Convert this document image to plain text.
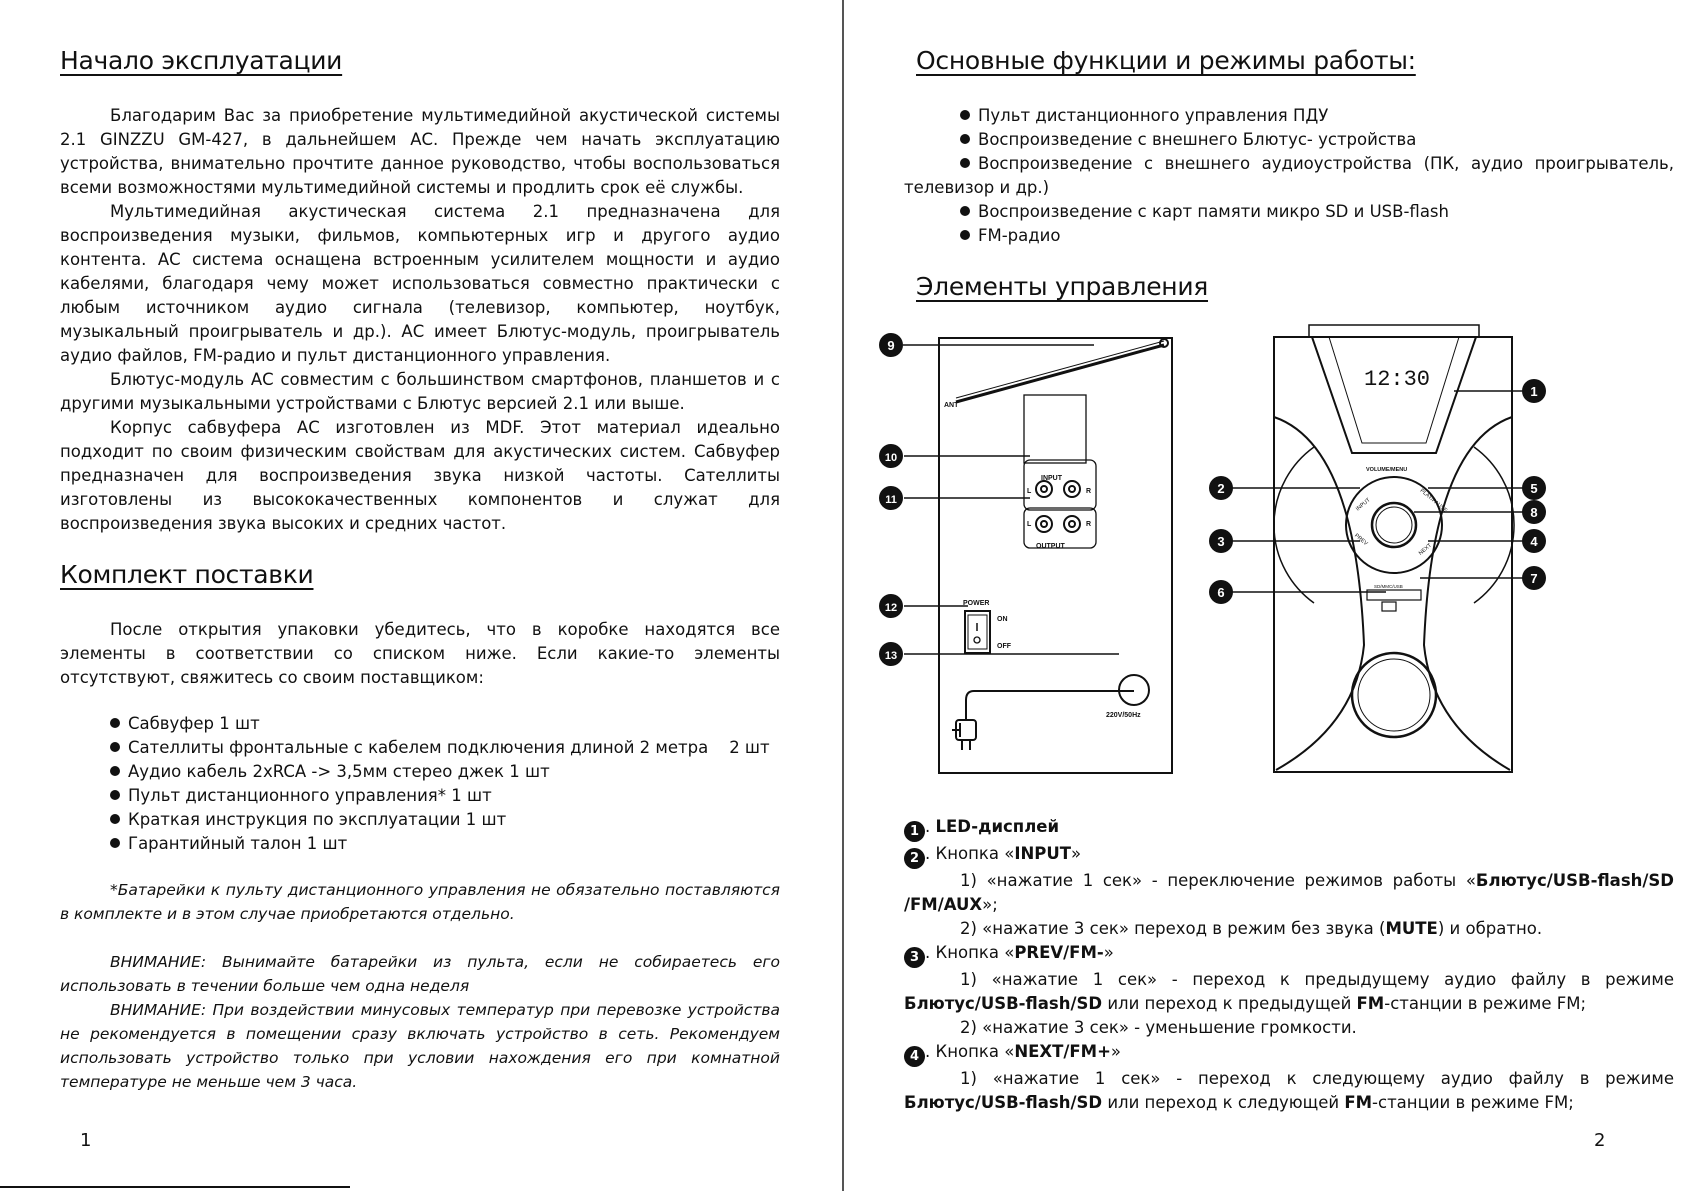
Начало эксплуатации

Благодарим Вас за приобретение мультимедийной акустической системы 2.1 GINZZU GM-427, в дальнейшем АС. Прежде чем начать эксплуатацию устройства, внимательно прочтите данное руководство, чтобы воспользоваться всеми возможностями мультимедийной системы и продлить срок её службы.

Мультимедийная акустическая система 2.1 предназначена для воспроизведения музыки, фильмов, компьютерных игр и другого аудио контента. АС система оснащена встроенным усилителем мощности и аудио кабелями, благодаря чему может использоваться совместно практически с любым источником аудио сигнала (телевизор, компьютер, ноутбук, музыкальный проигрыватель и др.). АС имеет Блютус-модуль, проигрыватель аудио файлов, FM-радио и пульт дистанционного управления.

Блютус-модуль АС совместим с большинством смартфонов, планшетов и с другими музыкальными устройствами с Блютус версией 2.1 или выше.

Корпус сабвуфера АС изготовлен из MDF. Этот материал идеально подходит по своим физическим свойствам для акустических систем. Сабвуфер предназначен для воспроизведения звука низкой частоты. Сателлиты изготовлены из высококачественных компонентов и служат для воспроизведения звука высоких и средних частот.

Комплект поставки

После открытия упаковки убедитесь, что в коробке находятся все элементы в соответствии со списком ниже. Если какие-то элементы отсутствуют, свяжитесь со своим поставщиком:

Сабвуфер 1 шт
Сателлиты фронтальные с кабелем подключения длиной 2 метра    2 шт
Аудио кабель 2xRCA -> 3,5мм стерео джек 1 шт
Пульт дистанционного управления* 1 шт
Краткая инструкция по эксплуатации 1 шт
Гарантийный талон 1 шт

*Батарейки к пульту дистанционного управления не обязательно поставляются в комплекте и в этом случае приобретаются отдельно.

ВНИМАНИЕ: Вынимайте батарейки из пульта, если не собираетесь его использовать в течении больше чем одна неделя

ВНИМАНИЕ: При воздействии минусовых температур при перевозке устройства не рекомендуется в помещении сразу включать устройство в сеть. Рекомендуем использовать устройство только при условии нахождения его при комнатной температуре не меньше чем 3 часа.

1
Основные функции и режимы работы:
Пульт дистанционного управления ПДУ
Воспроизведение с внешнего Блютус- устройства
Воспроизведение с внешнего аудиоустройства (ПК, аудио проигрыватель, телевизор и др.)
Воспроизведение с карт памяти микро SD и USB-flash
FM-радио
Элементы управления
ANT
INPUT
L	R
L	R
OUTPUT
POWER
ON
OFF
220V/50Hz
12:30
VOLUME/MENU
INPUT	PLAY/PAUSE
PREV
NEXT
SD/MMC/USB
9
10
11
12
13
1
2
3	4
5
6
7
8
1 . LED-дисплей
2 . Кнопка «INPUT»
1) «нажатие 1 сек» - переключение режимов работы «Блютус/USB-flash/SD /FM/AUX»;
2) «нажатие 3 сек» переход в режим без звука (MUTE) и обратно.
3 . Кнопка «PREV/FM-»
1) «нажатие 1 сек» - переход к предыдущему аудио файлу в режиме Блютус/USB-flash/SD или переход к предыдущей FM-станции в режиме FM;
2) «нажатие 3 сек» - уменьшение громкости.
4 . Кнопка «NEXT/FM+»
1) «нажатие 1 сек» - переход к следующему аудио файлу в режиме Блютус/USB-flash/SD или переход к следующей FM-станции в режиме FM;
2
